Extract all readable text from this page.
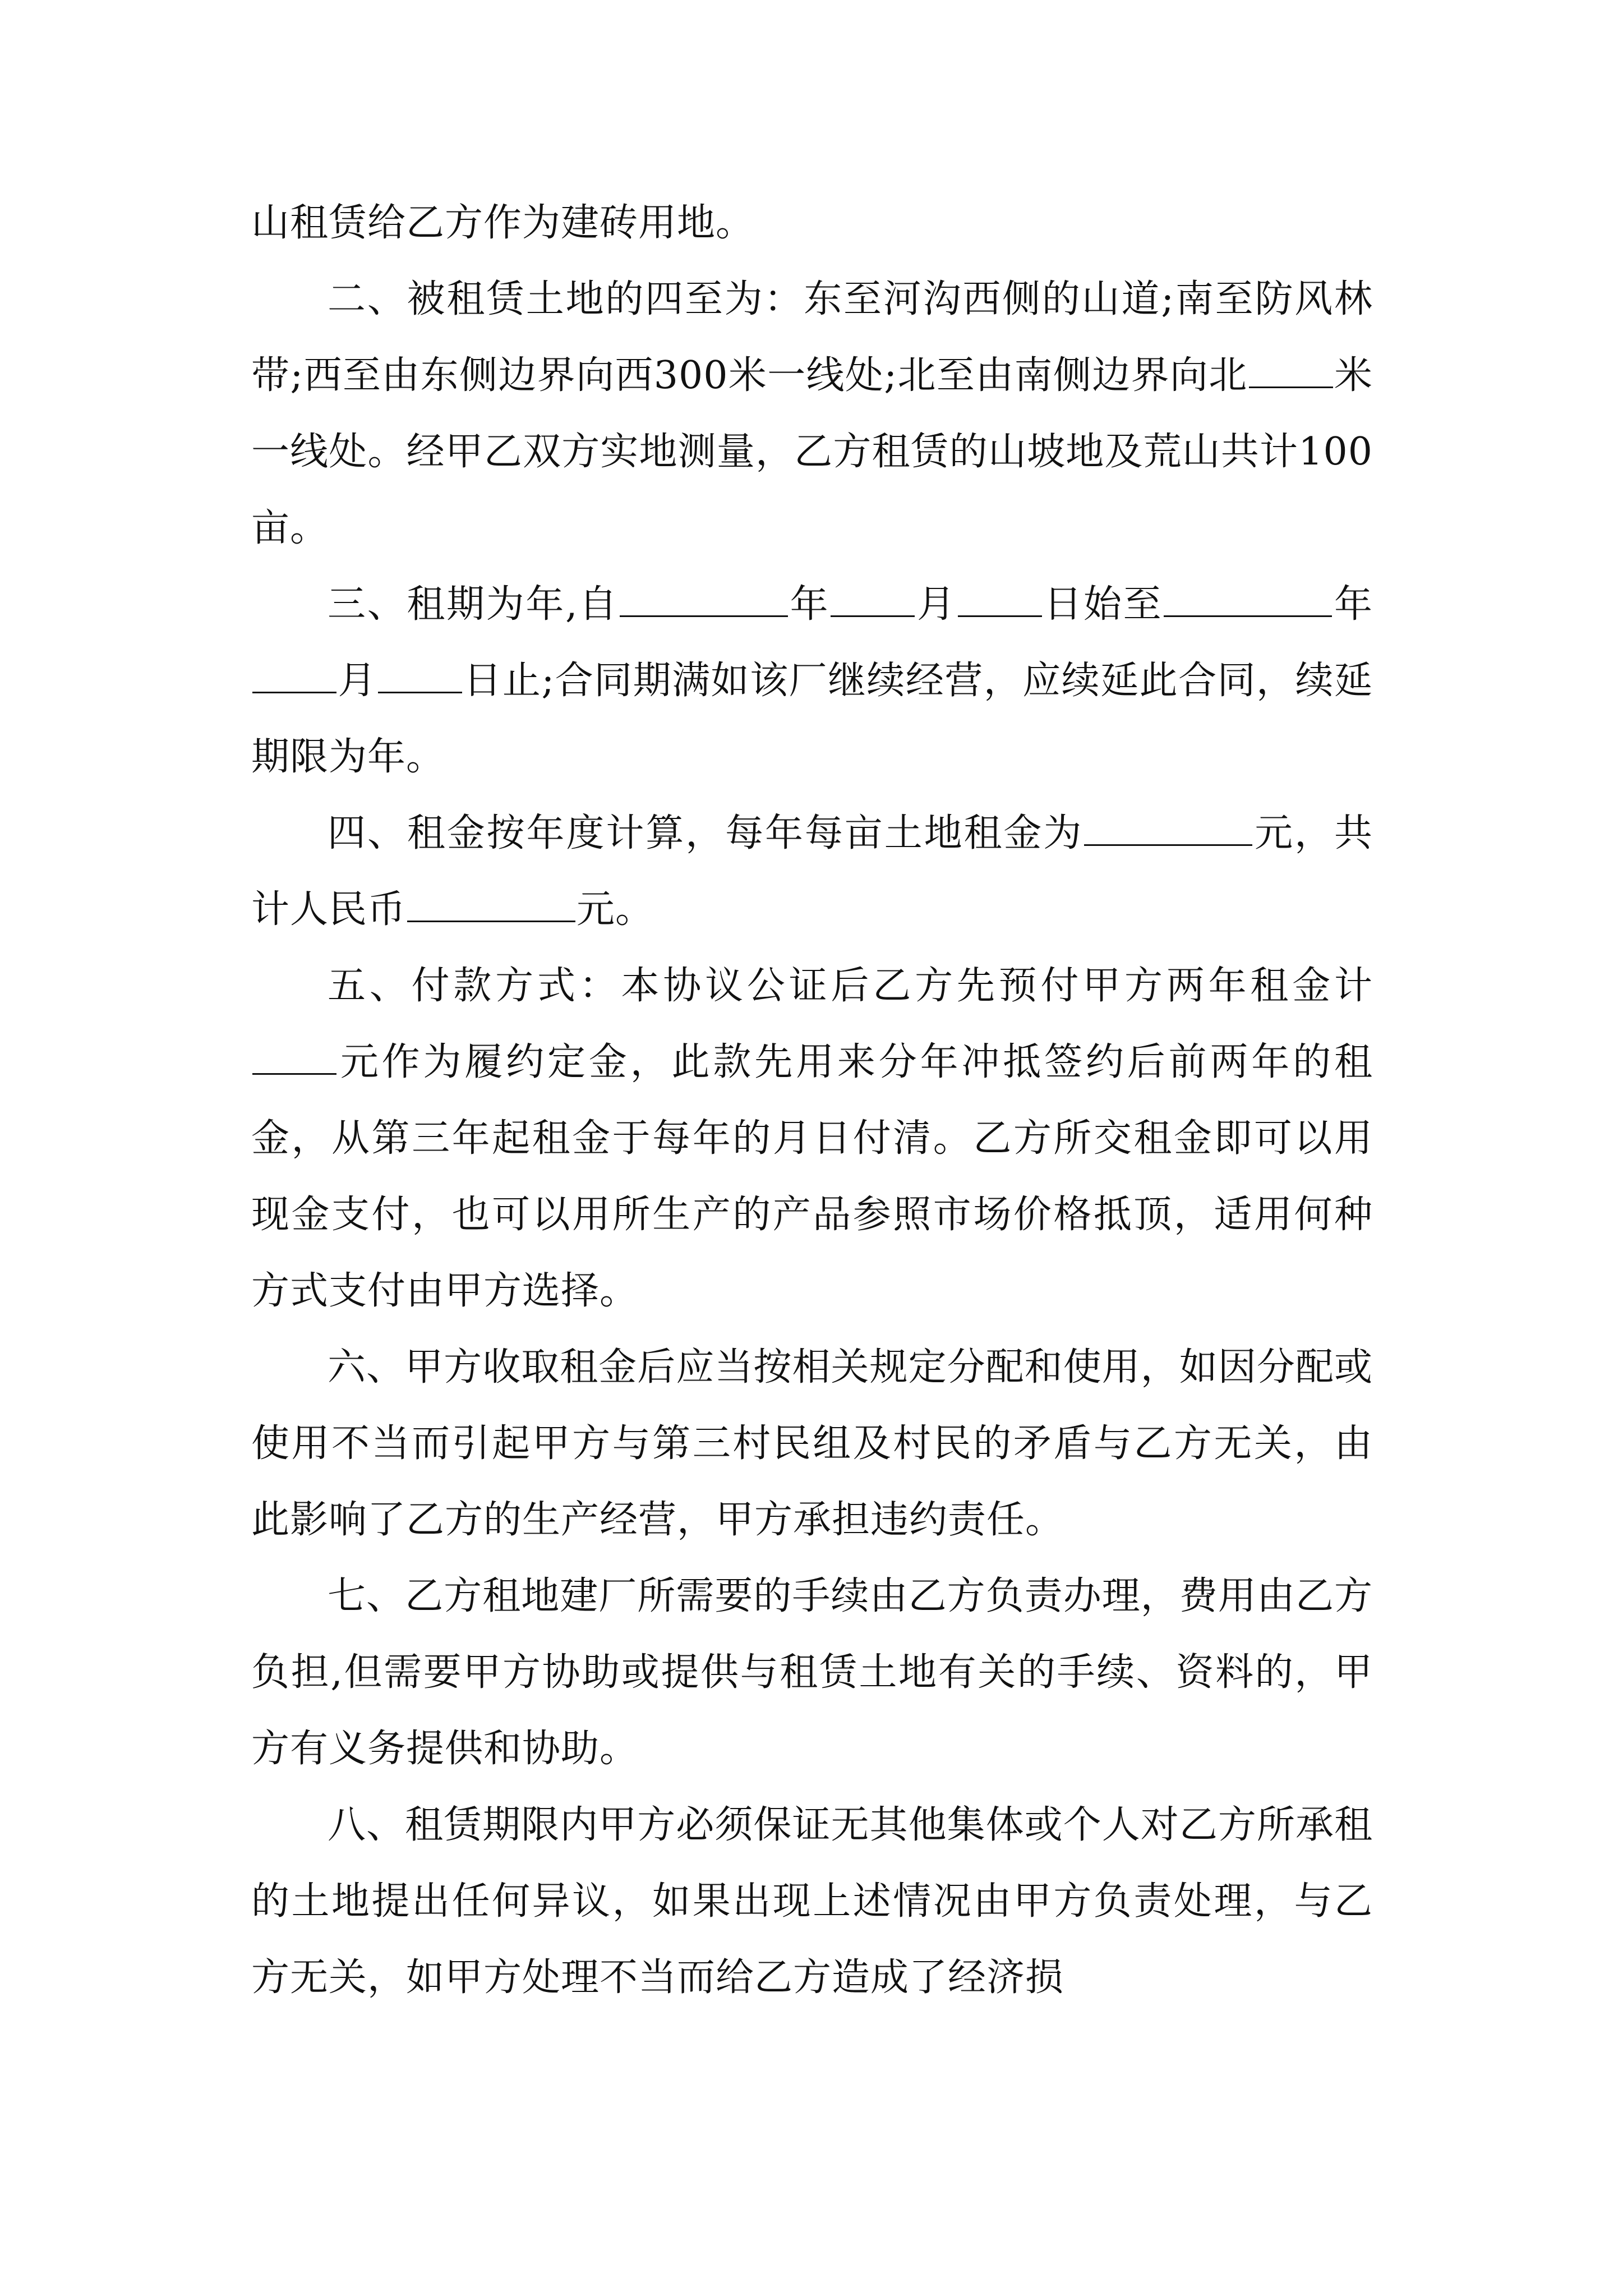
山租赁给乙方作为建砖用地。

二、被租赁土地的四至为：东至河沟西侧的山道;南至防风林带;西至由东侧边界向西300米一线处;北至由南侧边界向北 米一线处。经甲乙双方实地测量，乙方租赁的山坡地及荒山共计100亩。

三、租期为年,自	年 月 日始至	年月 日止;合同期满如该厂继续经营，应续延此合同，续延期限为年。

四、租金按年度计算，每年每亩土地租金为	元，共计人民币	元。

五、付款方式：本协议公证后乙方先预付甲方两年租金计元作为履约定金，此款先用来分年冲抵签约后前两年的租金，从第三年起租金于每年的月日付清。乙方所交租金即可以用现金支付，也可以用所生产的产品参照市场价格抵顶，适用何种方式支付由甲方选择。

六、甲方收取租金后应当按相关规定分配和使用，如因分配或使用不当而引起甲方与第三村民组及村民的矛盾与乙方无关，由此影响了乙方的生产经营，甲方承担违约责任。

七、乙方租地建厂所需要的手续由乙方负责办理，费用由乙方负担,但需要甲方协助或提供与租赁土地有关的手续、资料的，甲方有义务提供和协助。

八、租赁期限内甲方必须保证无其他集体或个人对乙方所承租的土地提出任何异议，如果出现上述情况由甲方负责处理，与乙方无关，如甲方处理不当而给乙方造成了经济损
